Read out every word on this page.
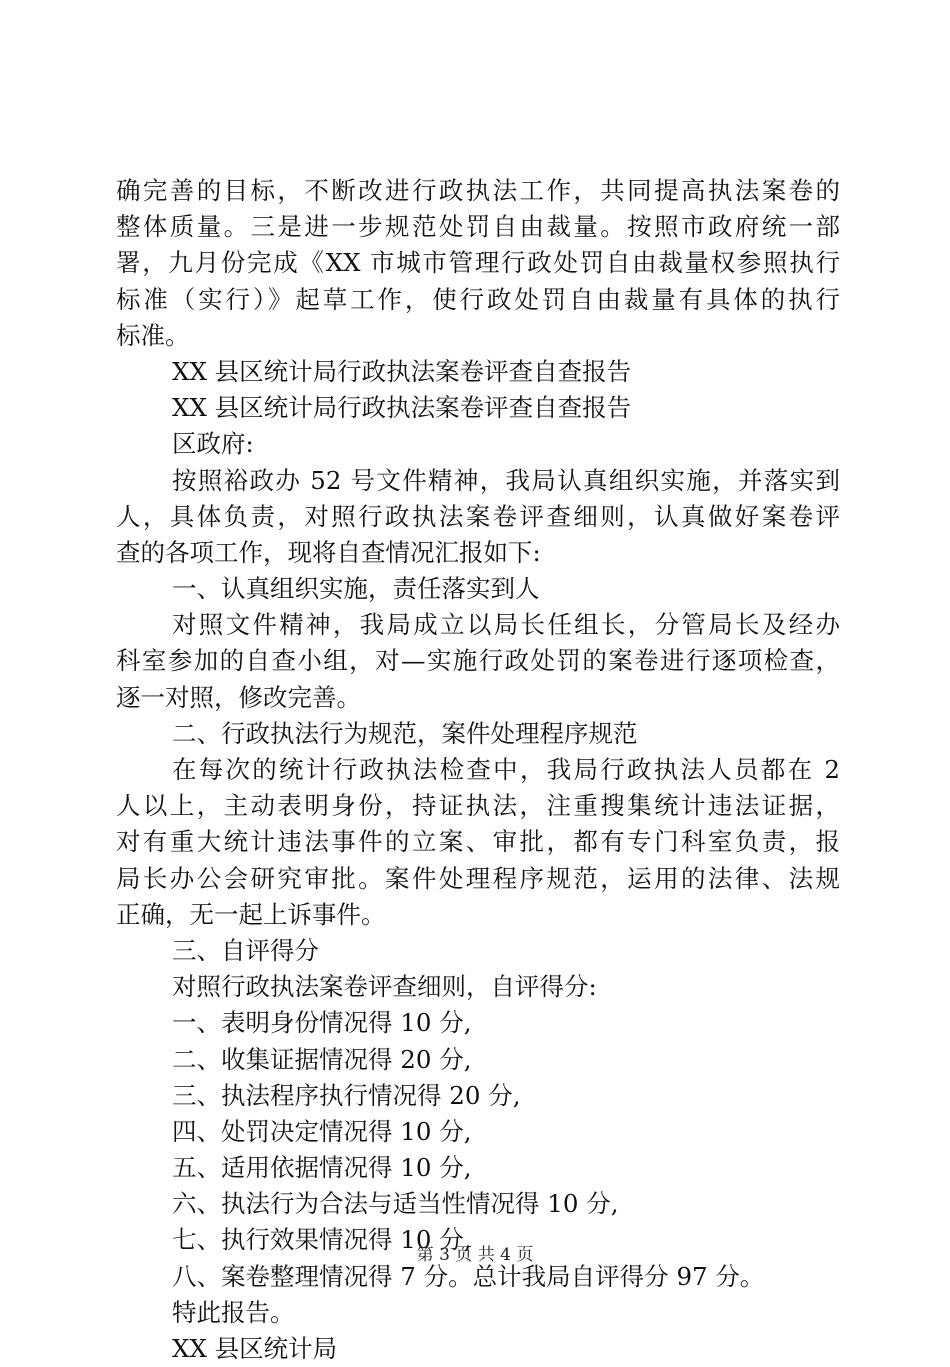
确完善的目标，不断改进行政执法工作，共同提高执法案卷的
整体质量。三是进一步规范处罚自由裁量。按照市政府统一部
署，九月份完成《XX 市城市管理行政处罚自由裁量权参照执行
标准（实行）》起草工作，使行政处罚自由裁量有具体的执行
标准。
XX 县区统计局行政执法案卷评查自查报告
XX 县区统计局行政执法案卷评查自查报告
区政府:
按照裕政办 52 号文件精神，我局认真组织实施，并落实到
人，具体负责，对照行政执法案卷评查细则，认真做好案卷评
查的各项工作，现将自查情况汇报如下:
一、认真组织实施，责任落实到人
对照文件精神，我局成立以局长任组长，分管局长及经办
科室参加的自查小组，对—实施行政处罚的案卷进行逐项检查，
逐一对照，修改完善。
二、行政执法行为规范，案件处理程序规范
在每次的统计行政执法检查中，我局行政执法人员都在 2
人以上，主动表明身份，持证执法，注重搜集统计违法证据，
对有重大统计违法事件的立案、审批，都有专门科室负责，报
局长办公会研究审批。案件处理程序规范，运用的法律、法规
正确，无一起上诉事件。
三、自评得分
对照行政执法案卷评查细则，自评得分:
一、表明身份情况得 10 分,
二、收集证据情况得 20 分,
三、执法程序执行情况得 20 分,
四、处罚决定情况得 10 分,
五、适用依据情况得 10 分,
六、执法行为合法与适当性情况得 10 分,
七、执行效果情况得 10 分,
八、案卷整理情况得 7 分。总计我局自评得分 97 分。
特此报告。
XX 县区统计局
第 3 页 共 4 页
